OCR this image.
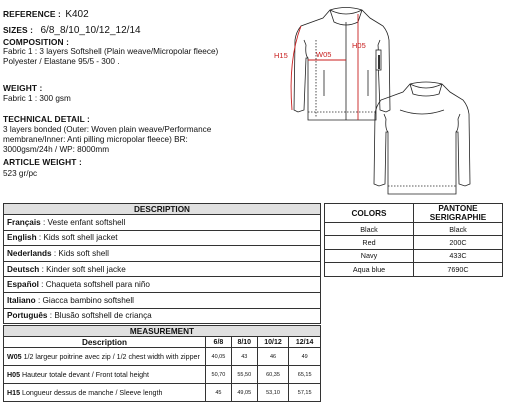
REFERENCE : K402
SIZES : 6/8_8/10_10/12_12/14
COMPOSITION :
Fabric 1 : 3 layers Softshell (Plain weave/Micropolar fleece)
Polyester / Elastane 95/5 - 300 .
WEIGHT :
Fabric 1 : 300 gsm
TECHNICAL DETAIL :
3 layers bonded (Outer: Woven plain weave/Performance
membrane/Inner: Anti pilling micropolar fleece) BR:
3000gsm/24h / WP: 8000mm
ARTICLE WEIGHT :
523 gr/pc
H15	W05
H05
DESCRIPTION
Français : Veste enfant softshell
English : Kids soft shell jacket
Nederlands : Kids soft shell
Deutsch : Kinder soft shell jacke
Español : Chaqueta softshell para niño
Italiano : Giacca bambino softshell
Português : Blusão softshell de criança
COLORS	PANTONE SERIGRAPHIE
Black	Black
Red	200C
Navy	433C
Aqua blue	7690C
MEASUREMENT				
Description	6/8	8/10	10/12	12/14
W05 1/2 largeur poitrine avec zip / 1/2 chest width with zipper	40,05	43	46	49
H05 Hauteur totale devant / Front total height	50,70	55,50	60,35	65,15
H15 Longueur dessus de manche / Sleeve length	45	49,05	53,10	57,15
